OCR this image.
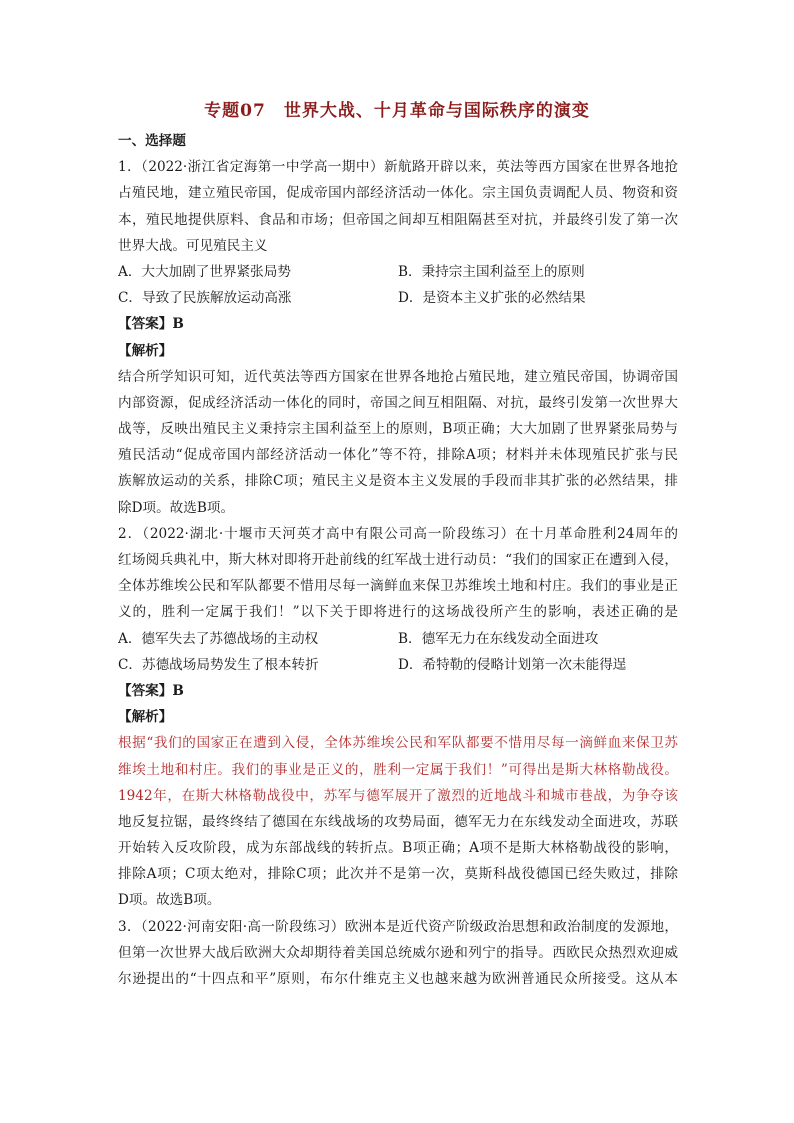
专题07　世界大战、十月革命与国际秩序的演变
一、选择题
1．（2022·浙江省定海第一中学高一期中）新航路开辟以来，英法等西方国家在世界各地抢
占殖民地，建立殖民帝国，促成帝国内部经济活动一体化。宗主国负责调配人员、物资和资
本，殖民地提供原料、食品和市场；但帝国之间却互相阻隔甚至对抗，并最终引发了第一次
世界大战。可见殖民主义
A．大大加剧了世界紧张局势	B．秉持宗主国利益至上的原则
C．导致了民族解放运动高涨	D．是资本主义扩张的必然结果
【答案】B
【解析】
结合所学知识可知，近代英法等西方国家在世界各地抢占殖民地，建立殖民帝国，协调帝国
内部资源，促成经济活动一体化的同时，帝国之间互相阻隔、对抗，最终引发第一次世界大
战等，反映出殖民主义秉持宗主国利益至上的原则，B项正确；大大加剧了世界紧张局势与
殖民活动“促成帝国内部经济活动一体化”等不符，排除A项；材料并未体现殖民扩张与民
族解放运动的关系，排除C项；殖民主义是资本主义发展的手段而非其扩张的必然结果，排
除D项。故选B项。
2．（2022·湖北·十堰市天河英才高中有限公司高一阶段练习）在十月革命胜利24周年的
红场阅兵典礼中，斯大林对即将开赴前线的红军战士进行动员：“我们的国家正在遭到入侵，
全体苏维埃公民和军队都要不惜用尽每一滴鲜血来保卫苏维埃土地和村庄。我们的事业是正
义的，胜利一定属于我们！”以下关于即将进行的这场战役所产生的影响，表述正确的是
A．德军失去了苏德战场的主动权	B．德军无力在东线发动全面进攻
C．苏德战场局势发生了根本转折	D．希特勒的侵略计划第一次未能得逞
【答案】B
【解析】
根据“我们的国家正在遭到入侵，全体苏维埃公民和军队都要不惜用尽每一滴鲜血来保卫苏
维埃土地和村庄。我们的事业是正义的，胜利一定属于我们！”可得出是斯大林格勒战役。
1942年，在斯大林格勒战役中，苏军与德军展开了激烈的近地战斗和城市巷战，为争夺该
地反复拉锯，最终终结了德国在东线战场的攻势局面，德军无力在东线发动全面进攻，苏联
开始转入反攻阶段，成为东部战线的转折点。B项正确；A项不是斯大林格勒战役的影响，
排除A项；C项太绝对，排除C项；此次并不是第一次，莫斯科战役德国已经失败过，排除
D项。故选B项。
3．（2022·河南安阳·高一阶段练习）欧洲本是近代资产阶级政治思想和政治制度的发源地，
但第一次世界大战后欧洲大众却期待着美国总统威尔逊和列宁的指导。西欧民众热烈欢迎威
尔逊提出的“十四点和平”原则，布尔什维克主义也越来越为欧洲普通民众所接受。这从本
